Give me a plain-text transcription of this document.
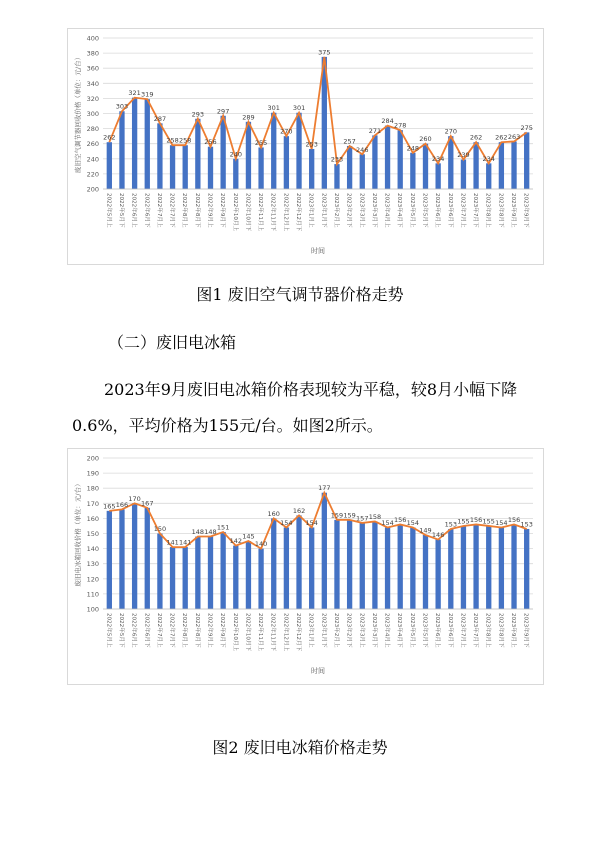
200
220
240
260
280
300
320
340
360
380
400
废旧空气调节器回收价格（单位：元/台）	262
303
321 319
287
258 258
293
256
297
240
289
255
301
270
301
253
375
233
257
246
271
284
278
248
260
234
270
239
262
234
262 263
275
2022年5月上	2022年5月下	2022年6月上	2022年6月下	2022年7月上	2022年7月下	2022年8月上	2022年8月下	2022年9月上	2022年9月下	2022年10月上	2022年10月下	2022年11月上	2022年11月下	2022年12月上	2022年12月下	2023年1月上	2023年1月下	2023年2月上	2023年2月下	2023年3月上	2023年3月下	2023年4月上	2023年4月下	2023年5月上	2023年5月下	2023年6月上	2023年6月下	2023年7月上	2023年7月下	2023年8月上	2023年8月下	2023年9月上	2023年9月下
时间
图1 废旧空气调节器价格走势
（二）废旧电冰箱
2023年9月废旧电冰箱价格表现较为平稳，较8月小幅下降
0.6%，平均价格为155元/台。如图2所示。
100
110
120
130
140
150
160
170
180
190
200
废旧电冰箱回收价格（单位：元/台）	165 166
170
167
150
141 141
148 148
151
142
145
140
160
154
162
154
177
159 159 157 158
154 156 154
149
146
153 155 156 155 154 156
153
2022年5月上	2022年5月下	2022年6月上	2022年6月下	2022年7月上	2022年7月下	2022年8月上	2022年8月下	2022年9月上	2022年9月下	2022年10月上	2022年10月下	2022年11月上	2022年11月下	2022年12月上	2022年12月下	2023年1月上	2023年1月下	2023年2月上	2023年2月下	2023年3月上	2023年3月下	2023年4月上	2023年4月下	2023年5月上	2023年5月下	2023年6月上	2023年6月下	2023年7月上	2023年7月下	2023年8月上	2023年8月下	2023年9月上	2023年9月下
时间
图2 废旧电冰箱价格走势
